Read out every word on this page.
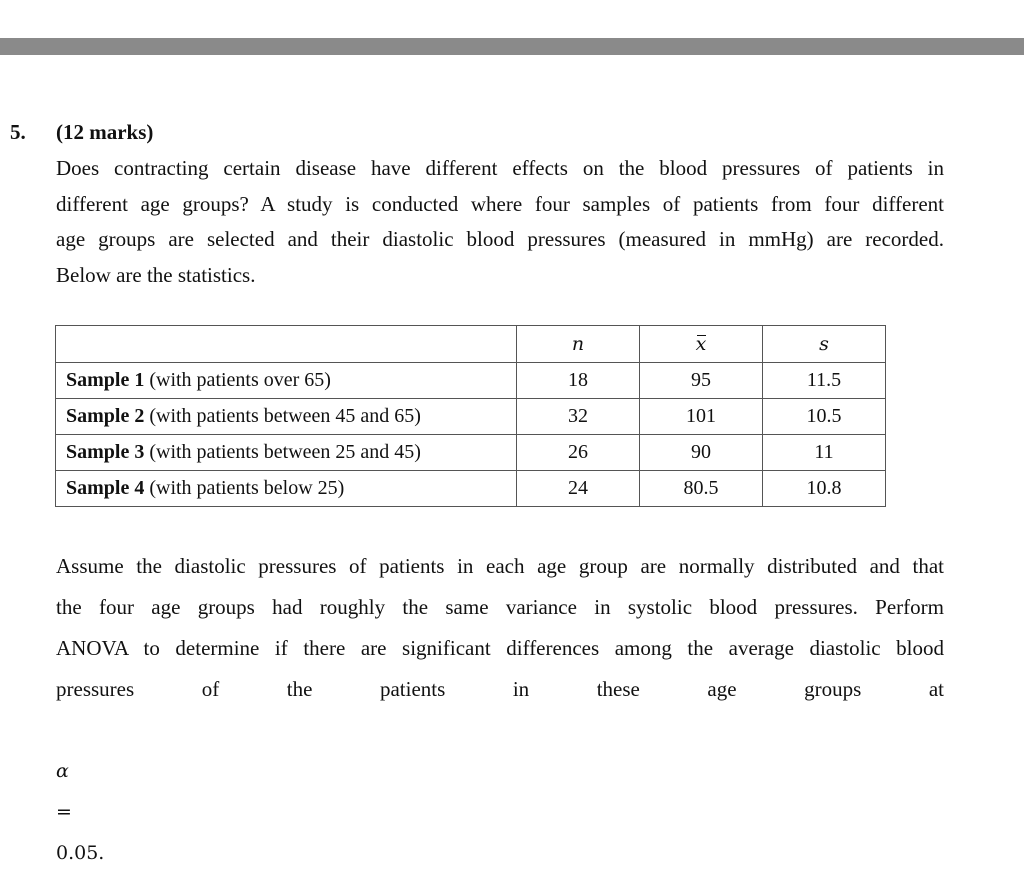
5. (12 marks)

Does contracting certain disease have different effects on the blood pressures of patients in
different age groups? A study is conducted where four samples of patients from four different
age groups are selected and their diastolic blood pressures (measured in mmHg) are recorded.
Below are the statistics.

	n	x	s
Sample 1 (with patients over 65)	18	95	11.5
Sample 2 (with patients between 45 and 65)	32	101	10.5
Sample 3 (with patients between 25 and 45)	26	90	11
Sample 4 (with patients below 25)	24	80.5	10.8

Assume the diastolic pressures of patients in each age group are normally distributed and that
the four age groups had roughly the same variance in systolic blood pressures. Perform
ANOVA to determine if there are significant differences among the average diastolic blood
pressures of the patients in these age groups at

α
=
0.05.
